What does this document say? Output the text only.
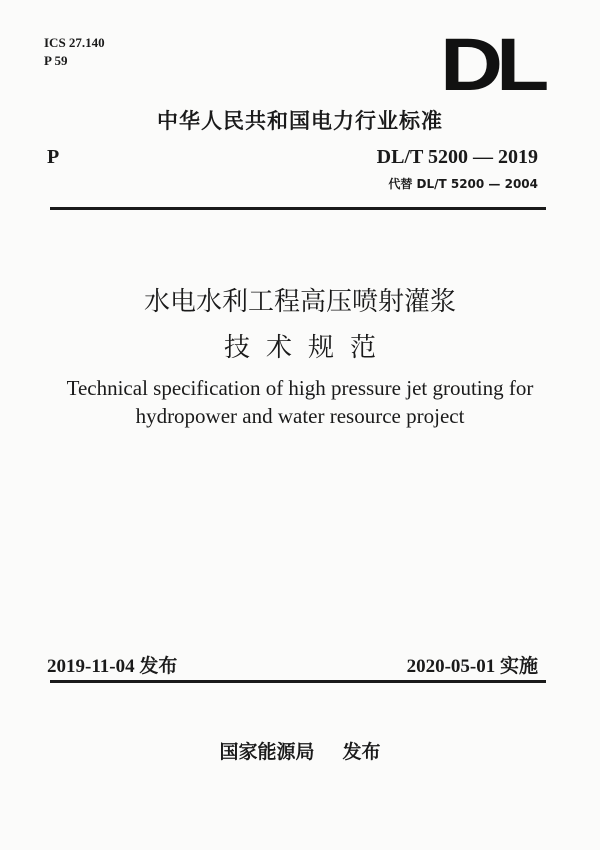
ICS 27.140
P 59	DL
中华人民共和国电力行业标准
P	DL/T 5200 — 2019
代替 DL/T 5200 — 2004
水电水利工程高压喷射灌浆
技术规范
Technical specification of high pressure jet grouting for
hydropower and water resource project
2019-11-04 发布	2020-05-01 实施
国家能源局 发布
